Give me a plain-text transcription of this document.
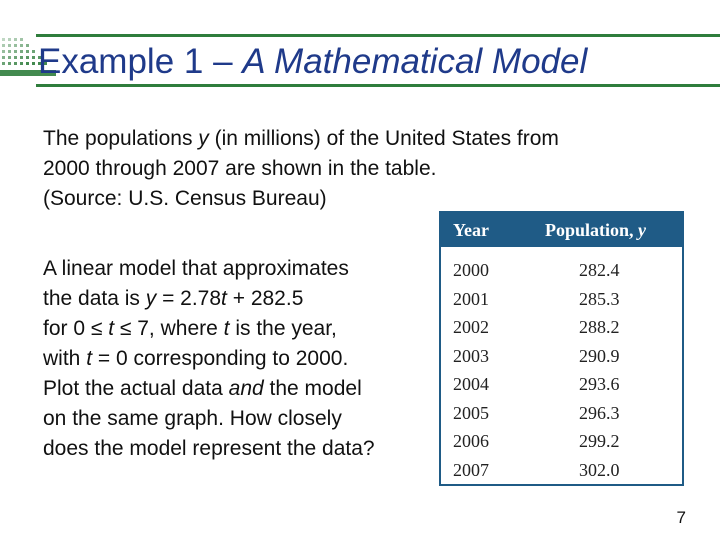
Example 1 – A Mathematical Model
The populations y (in millions) of the United States from
2000 through 2007 are shown in the table.
(Source: U.S. Census Bureau)
A linear model that approximates
the data is y = 2.78t + 282.5
for 0 ≤ t ≤ 7, where t is the year,
with t = 0 corresponding to 2000.
Plot the actual data and the model
on the same graph. How closely
does the model represent the data?
Year	Population, y
2000	282.4
2001	285.3
2002	288.2
2003	290.9
2004	293.6
2005	296.3
2006	299.2
2007	302.0
7
